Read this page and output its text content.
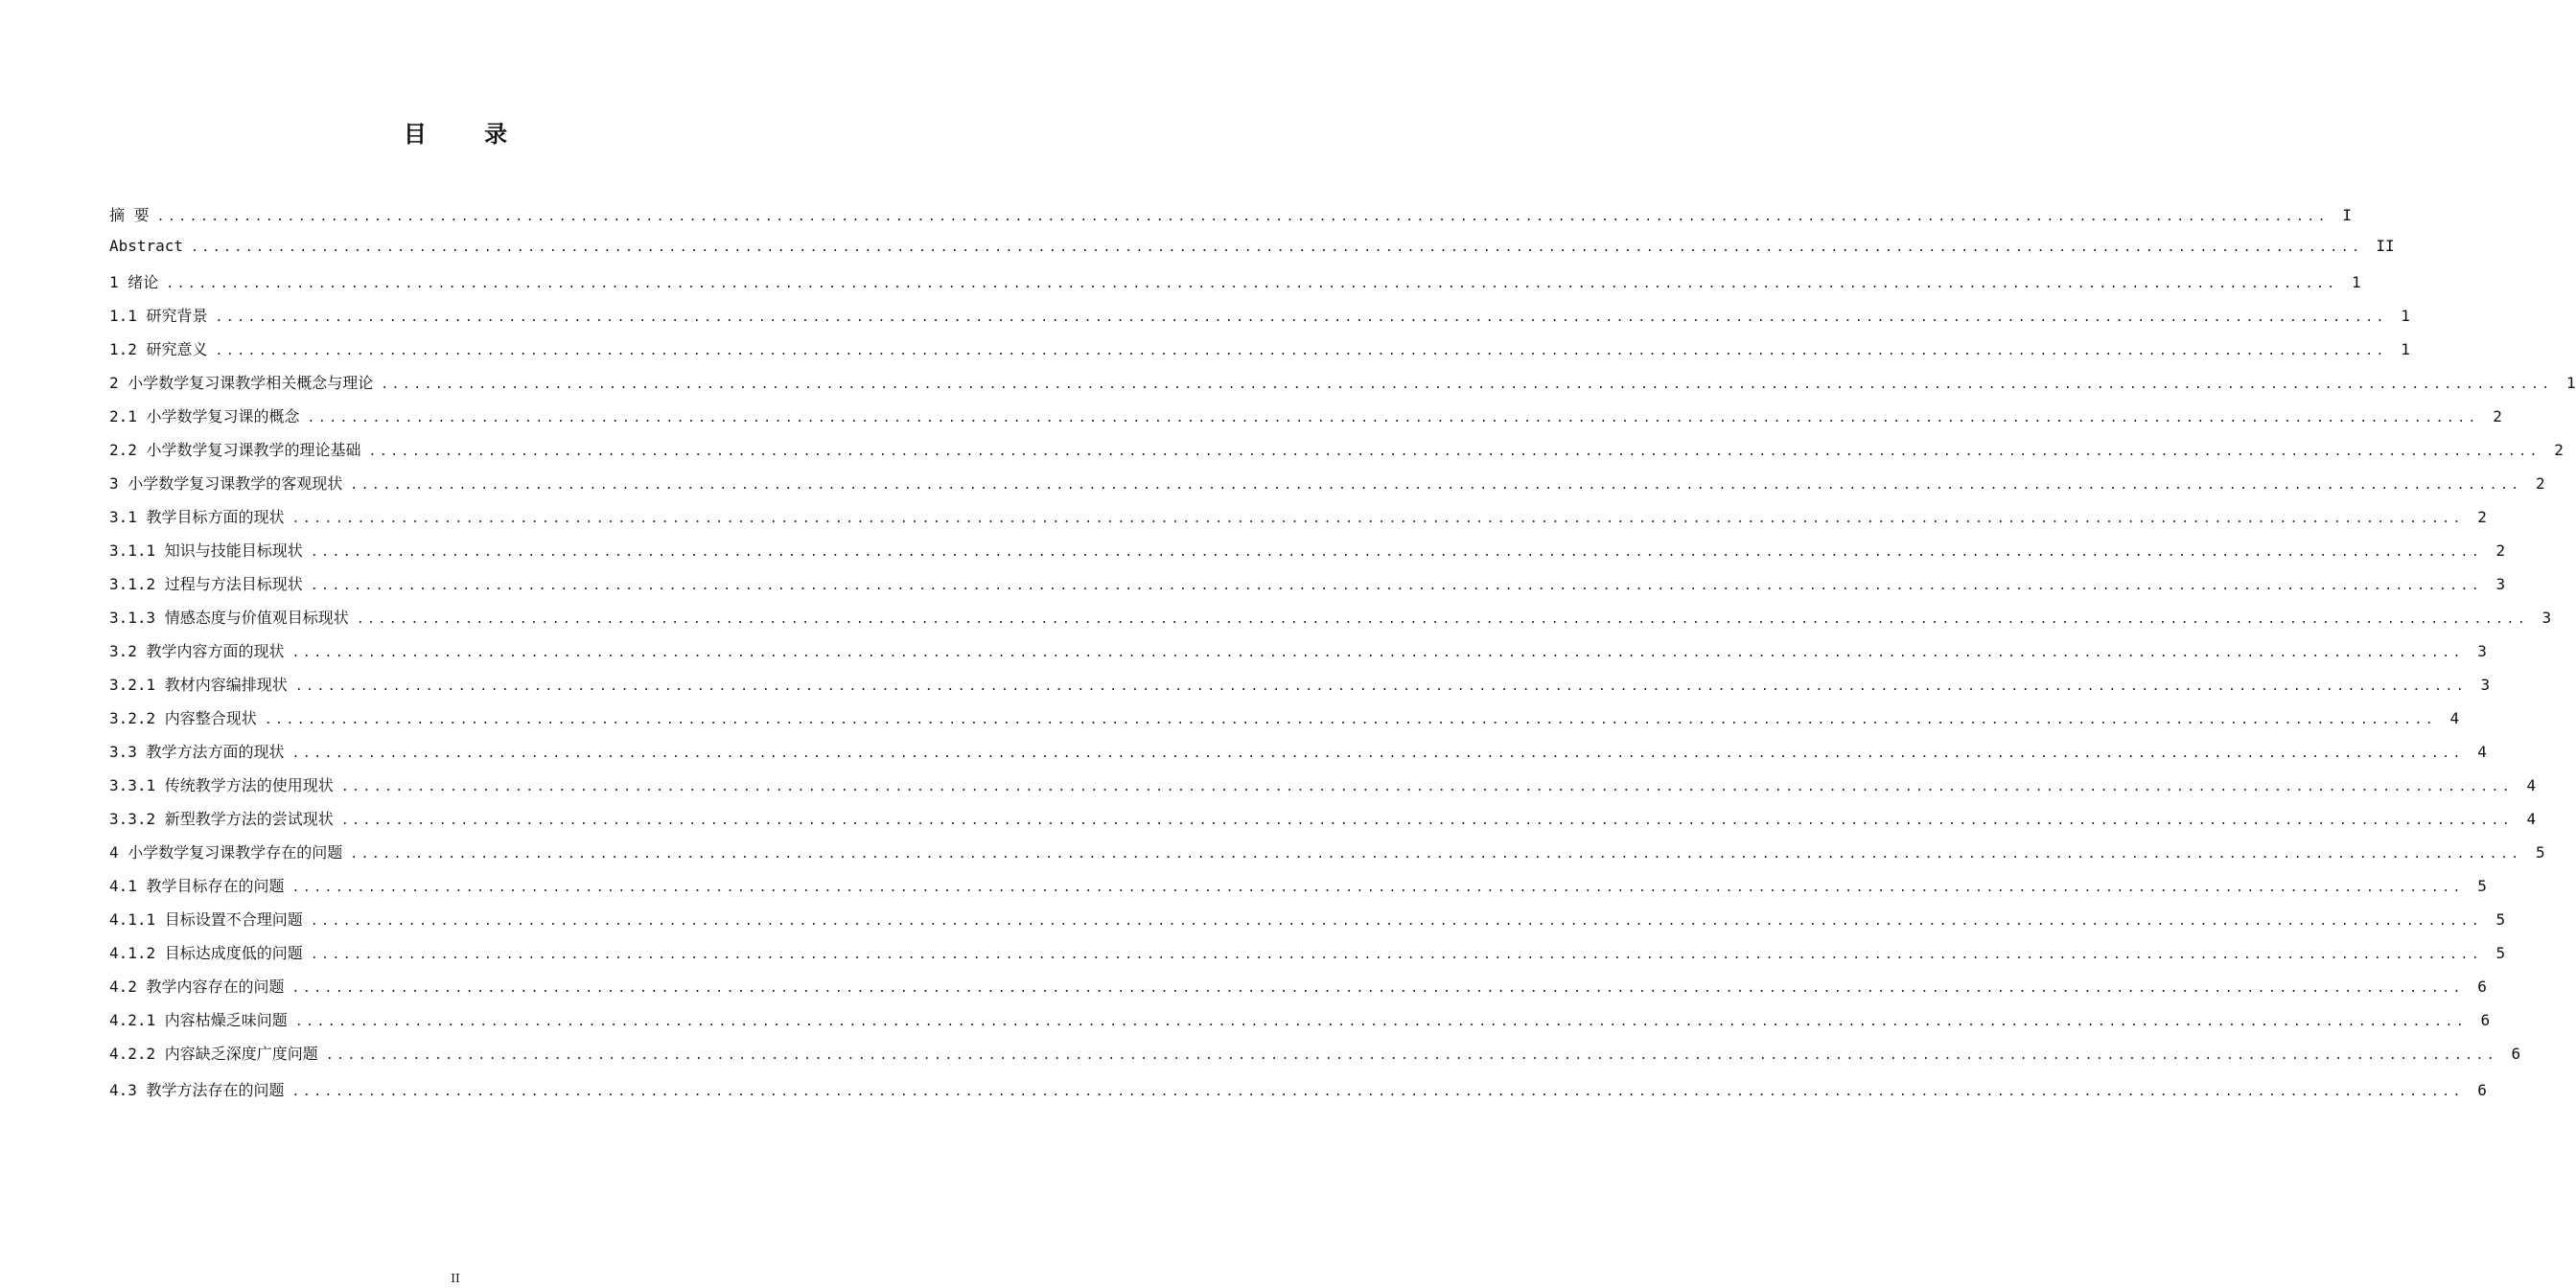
目 录
摘 要 ........................................................................................................................................................................................................ I
Abstract ........................................................................................................................................................................................................ II
1 绪论 ........................................................................................................................................................................................................ 1
1.1 研究背景 ........................................................................................................................................................................................................ 1
1.2 研究意义 ........................................................................................................................................................................................................ 1
2 小学数学复习课教学相关概念与理论 ........................................................................................................................................................................................................ 1
2.1 小学数学复习课的概念 ........................................................................................................................................................................................................ 2
2.2 小学数学复习课教学的理论基础 ........................................................................................................................................................................................................ 2
3 小学数学复习课教学的客观现状 ........................................................................................................................................................................................................ 2
3.1 教学目标方面的现状 ........................................................................................................................................................................................................ 2
3.1.1 知识与技能目标现状 ........................................................................................................................................................................................................ 2
3.1.2 过程与方法目标现状 ........................................................................................................................................................................................................ 3
3.1.3 情感态度与价值观目标现状 ........................................................................................................................................................................................................ 3
3.2 教学内容方面的现状 ........................................................................................................................................................................................................ 3
3.2.1 教材内容编排现状 ........................................................................................................................................................................................................ 3
3.2.2 内容整合现状 ........................................................................................................................................................................................................ 4
3.3 教学方法方面的现状 ........................................................................................................................................................................................................ 4
3.3.1 传统教学方法的使用现状 ........................................................................................................................................................................................................ 4
3.3.2 新型教学方法的尝试现状 ........................................................................................................................................................................................................ 4
4 小学数学复习课教学存在的问题 ........................................................................................................................................................................................................ 5
4.1 教学目标存在的问题 ........................................................................................................................................................................................................ 5
4.1.1 目标设置不合理问题 ........................................................................................................................................................................................................ 5
4.1.2 目标达成度低的问题 ........................................................................................................................................................................................................ 5
4.2 教学内容存在的问题 ........................................................................................................................................................................................................ 6
4.2.1 内容枯燥乏味问题 ........................................................................................................................................................................................................ 6
4.2.2 内容缺乏深度广度问题 ........................................................................................................................................................................................................ 6
4.3 教学方法存在的问题 ........................................................................................................................................................................................................ 6
II
